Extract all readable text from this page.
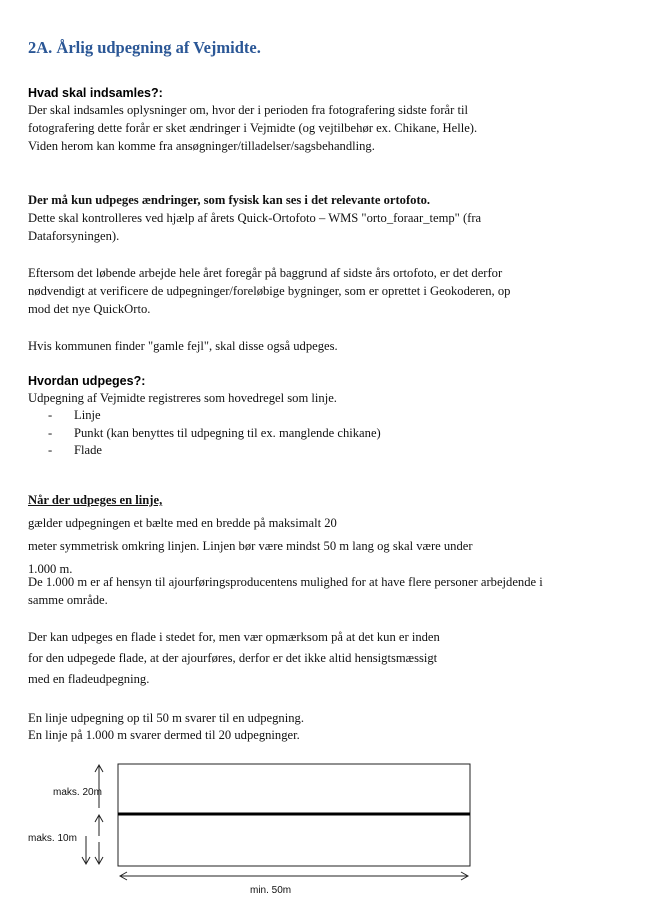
2A. Årlig udpegning af Vejmidte.
Hvad skal indsamles?:

Der skal indsamles oplysninger om, hvor der i perioden fra fotografering sidste forår til
fotografering dette forår er sket ændringer i Vejmidte (og vejtilbehør ex. Chikane, Helle).
Viden herom kan komme fra ansøgninger/tilladelser/sagsbehandling.

Der må kun udpeges ændringer, som fysisk kan ses i det relevante ortofoto.
Dette skal kontrolleres ved hjælp af årets Quick-Ortofoto – WMS "orto_foraar_temp" (fra
Dataforsyningen).

Eftersom det løbende arbejde hele året foregår på baggrund af sidste års ortofoto, er det derfor
nødvendigt at verificere de udpegninger/foreløbige bygninger, som er oprettet i Geokoderen, op
mod det nye QuickOrto.

Hvis kommunen finder "gamle fejl", skal disse også udpeges.

Hvordan udpeges?:

Udpegning af Vejmidte registreres som hovedregel som linje.

- Linje
- Punkt (kan benyttes til udpegning til ex. manglende chikane)
- Flade

Når der udpeges en linje,
gælder udpegningen et bælte med en bredde på maksimalt 20
meter symmetrisk omkring linjen. Linjen bør være mindst 50 m lang og skal være under
1.000 m.

De 1.000 m er af hensyn til ajourføringsproducentens mulighed for at have flere personer arbejdende i
samme område.

Der kan udpeges en flade i stedet for, men vær opmærksom på at det kun er inden
for den udpegede flade, at der ajourføres, derfor er det ikke altid hensigtsmæssigt
med en fladeudpegning.

En linje udpegning op til 50 m svarer til en udpegning.
En linje på 1.000 m svarer dermed til 20 udpegninger.

maks. 20m
maks. 10m
min. 50m
